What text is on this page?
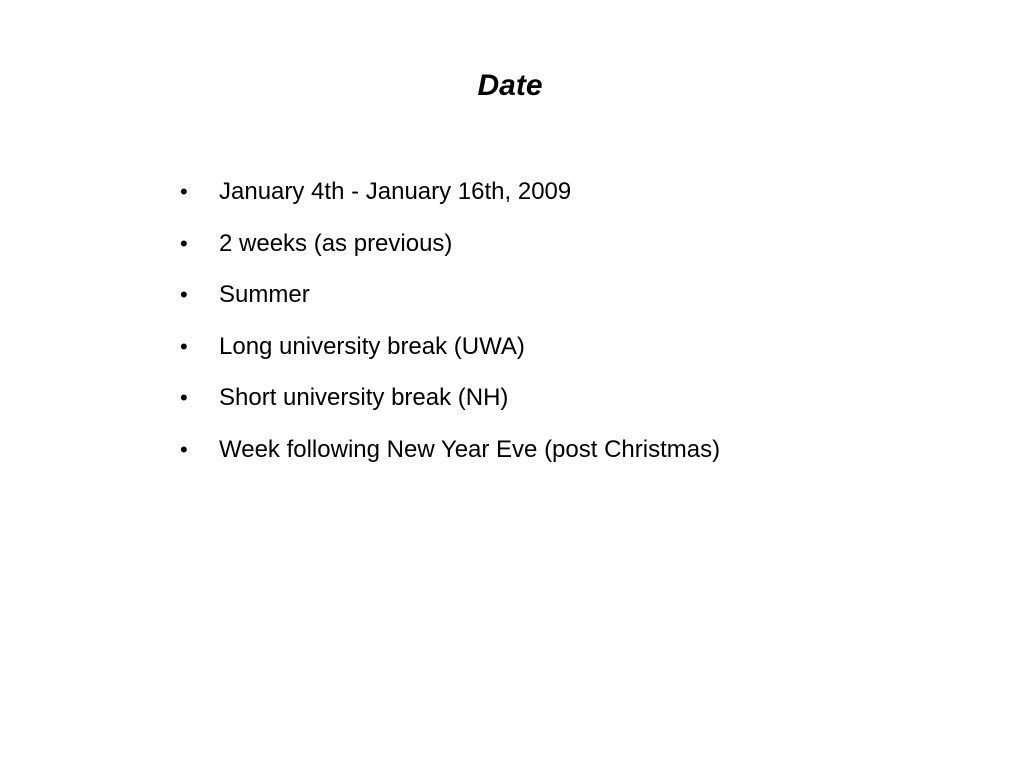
Date
•	January 4th - January 16th, 2009
•	2 weeks (as previous)
•	Summer
•	Long university break (UWA)
•	Short university break (NH)
•	Week following New Year Eve (post Christmas)
